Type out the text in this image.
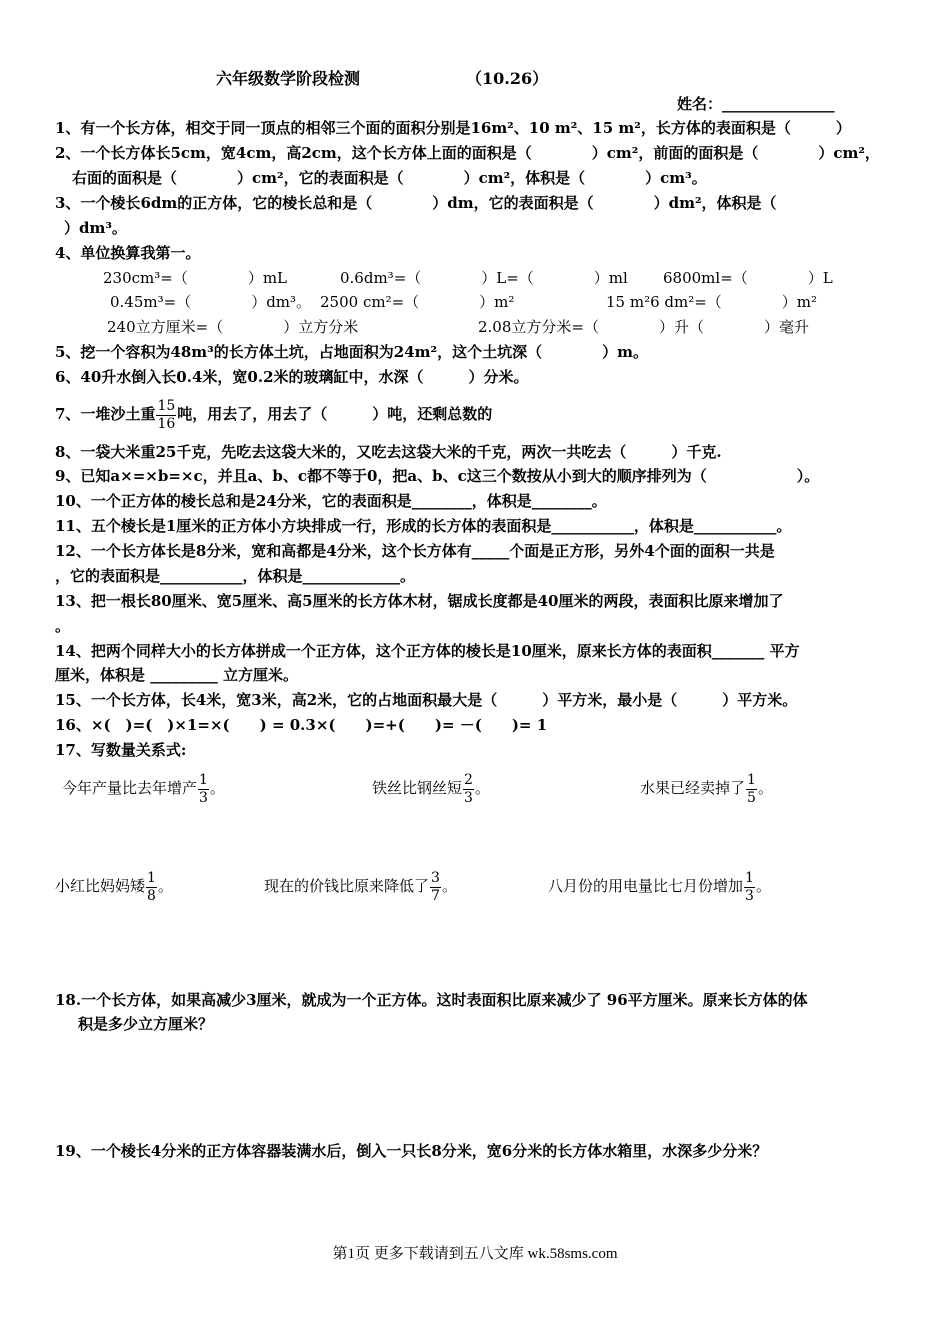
六年级数学阶段检测	（10.26）
姓名：_______________
1、有一个长方体，相交于同一顶点的相邻三个面的面积分别是16m²、10 m²、15 m²，长方体的表面积是（　　　）
2、一个长方体长5cm，宽4cm，高2cm，这个长方体上面的面积是（　　　　）cm²，前面的面积是（　　　　）cm²，
右面的面积是（　　　　）cm²，它的表面积是（　　　　）cm²，体积是（　　　　）cm³。
3、一个棱长6dm的正方体，它的棱长总和是（　　　　）dm，它的表面积是（　　　　）dm²，体积是（
）dm³。
4、单位换算我第一。
230cm³=（　　　　）mL	0.6dm³=（　　　　）L=（　　　　）ml 6800ml=（　　　　）L
0.45m³=（　　　　）dm³。 2500 cm²=（　　　　）m²	15 m²6 dm²=（　　　　）m²
240立方厘米=（　　　　）立方分米	2.08立方分米=（　　　　）升（　　　　）毫升
5、挖一个容积为48m³的长方体土坑，占地面积为24m²，这个土坑深（　　　　）m。
6、40升水倒入长0.4米，宽0.2米的玻璃缸中，水深（　　　）分米。
7、一堆沙土重 $\frac{15}{16}$ 吨，用去了，用去了（　　　）吨，还剩总数的
8、一袋大米重25千克，先吃去这袋大米的，又吃去这袋大米的千克，两次一共吃去（　　　）千克.
9、已知a×=×b=×c，并且a、b、c都不等于0，把a、b、c这三个数按从小到大的顺序排列为（　　　　　　）。
10、一个正方体的棱长总和是24分米，它的表面积是________，体积是________。
11、五个棱长是1厘米的正方体小方块排成一行，形成的长方体的表面积是___________，体积是___________。
12、一个长方体长是8分米，宽和高都是4分米，这个长方体有_____个面是正方形，另外4个面的面积一共是
，它的表面积是___________，体积是_____________。
13、把一根长80厘米、宽5厘米、高5厘米的长方体木材，锯成长度都是40厘米的两段，表面积比原来增加了
。
14、把两个同样大小的长方体拼成一个正方体，这个正方体的棱长是10厘米，原来长方体的表面积_______ 平方
厘米，体积是 _________ 立方厘米。
15、一个长方体，长4米，宽3米，高2米，它的占地面积最大是（　　　）平方米，最小是（　　　）平方米。
16、×(　)=(　)×1=×(　　) = 0.3×(　　)=+(　　)= －(　　)= 1
17、写数量关系式:
今年产量比去年增产 $\frac{1}{3}$ 。	铁丝比钢丝短 $\frac{2}{3}$ 。	水果已经卖掉了 $\frac{1}{5}$ 。
小红比妈妈矮 $\frac{1}{8}$ 。	现在的价钱比原来降低了 $\frac{3}{7}$ 。	八月份的用电量比七月份增加 $\frac{1}{3}$ 。
18.一个长方体，如果高减少3厘米，就成为一个正方体。这时表面积比原来减少了 96平方厘米。原来长方体的体
积是多少立方厘米？
19、一个棱长4分米的正方体容器装满水后，倒入一只长8分米，宽6分米的长方体水箱里，水深多少分米？
第1页 更多下载请到五八文库 wk.58sms.com
